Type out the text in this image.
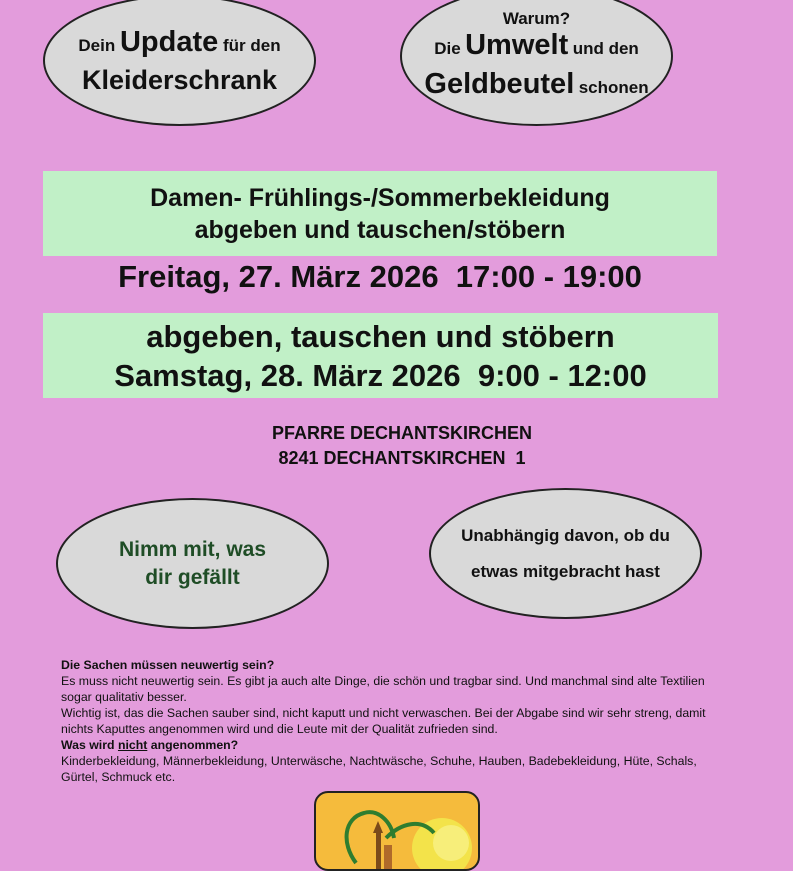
Dein Update für den
Kleiderschrank
Warum?
Die Umwelt und den
Geldbeutel schonen
Damen- Frühlings-/Sommerbekleidung
abgeben und tauschen/stöbern
Freitag, 27. März 2026  17:00 - 19:00
abgeben, tauschen und stöbern
Samstag, 28. März 2026  9:00 - 12:00
PFARRE DECHANTSKIRCHEN
8241 DECHANTSKIRCHEN  1
Nimm mit, was
dir gefällt
Unabhängig davon, ob du
etwas mitgebracht hast
Die Sachen müssen neuwertig sein?
Es muss nicht neuwertig sein. Es gibt ja auch alte Dinge, die schön und tragbar sind. Und manchmal sind alte Textilien sogar qualitativ besser.
Wichtig ist, das die Sachen sauber sind, nicht kaputt und nicht verwaschen. Bei der Abgabe sind wir sehr streng, damit nichts Kaputtes angenommen wird und die Leute mit der Qualität zufrieden sind.
Was wird nicht angenommen?
Kinderbekleidung, Männerbekleidung, Unterwäsche, Nachtwäsche, Schuhe, Hauben, Badebekleidung, Hüte, Schals, Gürtel, Schmuck etc.
